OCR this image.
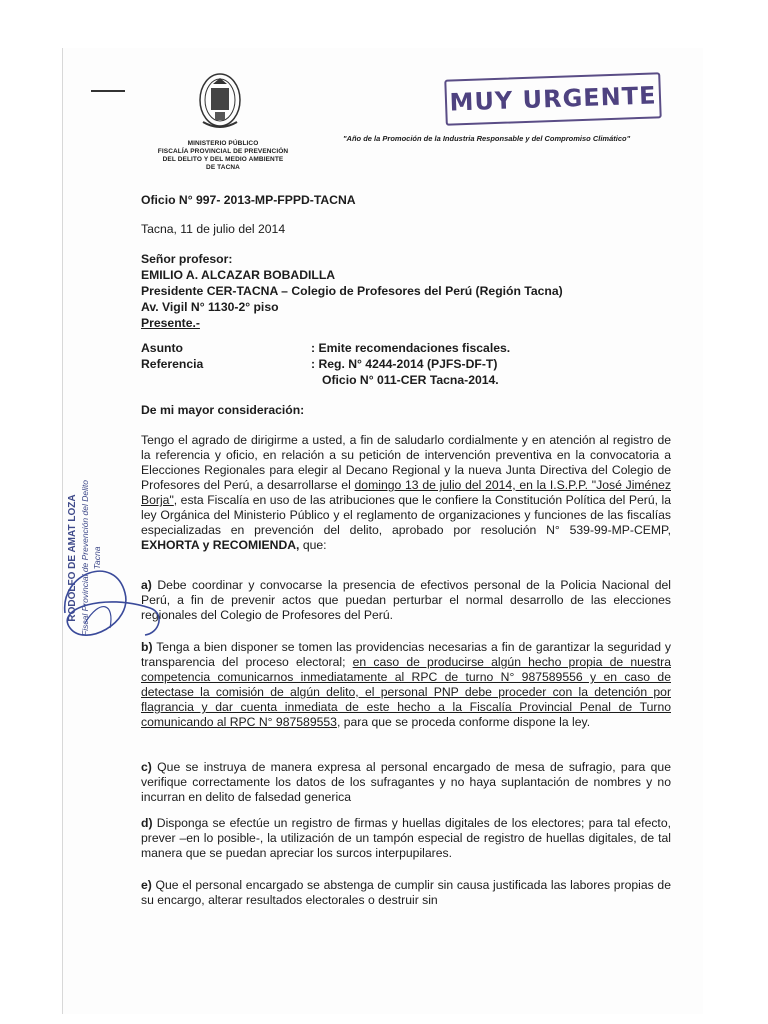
MINISTERIO PÚBLICO
FISCALÍA PROVINCIAL DE PREVENCIÓN
DEL DELITO Y DEL MEDIO AMBIENTE
DE TACNA
MUY URGENTE
"Año de la Promoción de la Industria Responsable y del Compromiso Climático"
Oficio N° 997- 2013-MP-FPPD-TACNA
Tacna, 11 de julio del 2014
Señor profesor:
EMILIO A. ALCAZAR BOBADILLA
Presidente CER-TACNA – Colegio de Profesores del Perú (Región Tacna)
Av. Vigil N° 1130-2° piso
Presente.-
Asunto
Referencia
: Emite recomendaciones fiscales.
: Reg. N° 4244-2014 (PJFS-DF-T)
Oficio N° 011-CER Tacna-2014.
De mi mayor consideración:
Tengo el agrado de dirigirme a usted, a fin de saludarlo cordialmente y en atención al registro de la referencia y oficio, en relación a su petición de intervención preventiva en la convocatoria a Elecciones Regionales para elegir al Decano Regional y la nueva Junta Directiva del Colegio de Profesores del Perú, a desarrollarse el domingo 13 de julio del 2014, en la I.S.P.P. "José Jiménez Borja", esta Fiscalía en uso de las atribuciones que le confiere la Constitución Política del Perú, la ley Orgánica del Ministerio Público y el reglamento de organizaciones y funciones de las fiscalías especializadas en prevención del delito, aprobado por resolución N° 539-99-MP-CEMP, EXHORTA y RECOMIENDA, que:
a) Debe coordinar y convocarse la presencia de efectivos personal de la Policia Nacional del Perú, a fin de prevenir actos que puedan perturbar el normal desarrollo de las elecciones regionales del Colegio de Profesores del Perú.
b) Tenga a bien disponer se tomen las providencias necesarias a fin de garantizar la seguridad y transparencia del proceso electoral; en caso de producirse algún hecho propia de nuestra competencia comunicarnos inmediatamente al RPC de turno N° 987589556 y en caso de detectase la comisión de algún delito, el personal PNP debe proceder con la detención por flagrancia y dar cuenta inmediata de este hecho a la Fiscalía Provincial Penal de Turno comunicando al RPC N° 987589553, para que se proceda conforme dispone la ley.
c) Que se instruya de manera expresa al personal encargado de mesa de sufragio, para que verifique correctamente los datos de los sufragantes y no haya suplantación de nombres y no incurran en delito de falsedad generica
d) Disponga se efectúe un registro de firmas y huellas digitales de los electores; para tal efecto, prever –en lo posible-, la utilización de un tampón especial de registro de huellas digitales, de tal manera que se puedan apreciar los surcos interpupilares.
e) Que el personal encargado se abstenga de cumplir sin causa justificada las labores propias de su encargo, alterar resultados electorales o destruir sin
RODOLFO DE AMAT LOZA Fiscal Provincial de Prevención del Delito Tacna
